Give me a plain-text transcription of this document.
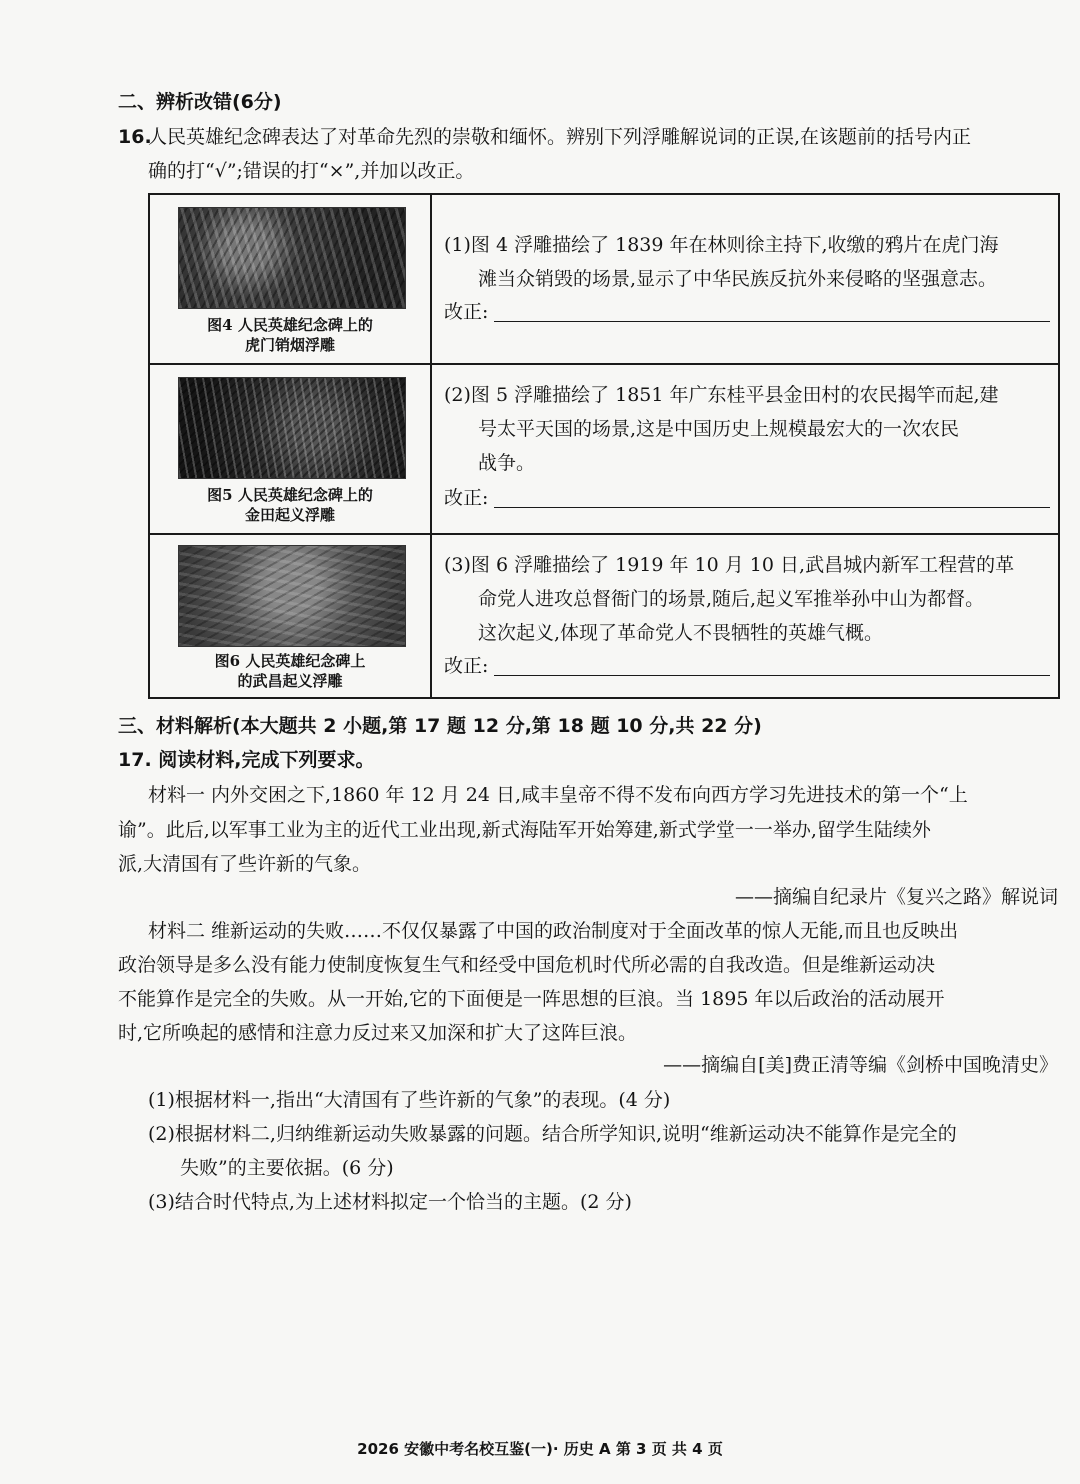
二、辨析改错(6分)
16.
人民英雄纪念碑表达了对革命先烈的崇敬和缅怀。辨别下列浮雕解说词的正误,在该题前的括号内正
确的打“√”;错误的打“×”,并加以改正。
图4 人民英雄纪念碑上的
虎门销烟浮雕
(1)图 4 浮雕描绘了 1839 年在林则徐主持下,收缴的鸦片在虎门海
滩当众销毁的场景,显示了中华民族反抗外来侵略的坚强意志。
改正:
图5 人民英雄纪念碑上的
金田起义浮雕
(2)图 5 浮雕描绘了 1851 年广东桂平县金田村的农民揭竿而起,建
号太平天国的场景,这是中国历史上规模最宏大的一次农民
战争。
改正:
图6 人民英雄纪念碑上
的武昌起义浮雕
(3)图 6 浮雕描绘了 1919 年 10 月 10 日,武昌城内新军工程营的革
命党人进攻总督衙门的场景,随后,起义军推举孙中山为都督。
这次起义,体现了革命党人不畏牺牲的英雄气概。
改正:
三、材料解析(本大题共 2 小题,第 17 题 12 分,第 18 题 10 分,共 22 分)
17. 阅读材料,完成下列要求。
材料一 内外交困之下,1860 年 12 月 24 日,咸丰皇帝不得不发布向西方学习先进技术的第一个“上
谕”。此后,以军事工业为主的近代工业出现,新式海陆军开始筹建,新式学堂一一举办,留学生陆续外
派,大清国有了些许新的气象。
——摘编自纪录片《复兴之路》解说词
材料二 维新运动的失败……不仅仅暴露了中国的政治制度对于全面改革的惊人无能,而且也反映出
政治领导是多么没有能力使制度恢复生气和经受中国危机时代所必需的自我改造。但是维新运动决
不能算作是完全的失败。从一开始,它的下面便是一阵思想的巨浪。当 1895 年以后政治的活动展开
时,它所唤起的感情和注意力反过来又加深和扩大了这阵巨浪。
——摘编自[美]费正清等编《剑桥中国晚清史》
(1)根据材料一,指出“大清国有了些许新的气象”的表现。(4 分)
(2)根据材料二,归纳维新运动失败暴露的问题。结合所学知识,说明“维新运动决不能算作是完全的
失败”的主要依据。(6 分)
(3)结合时代特点,为上述材料拟定一个恰当的主题。(2 分)
2026 安徽中考名校互鉴(一)· 历史 A 第 3 页 共 4 页
